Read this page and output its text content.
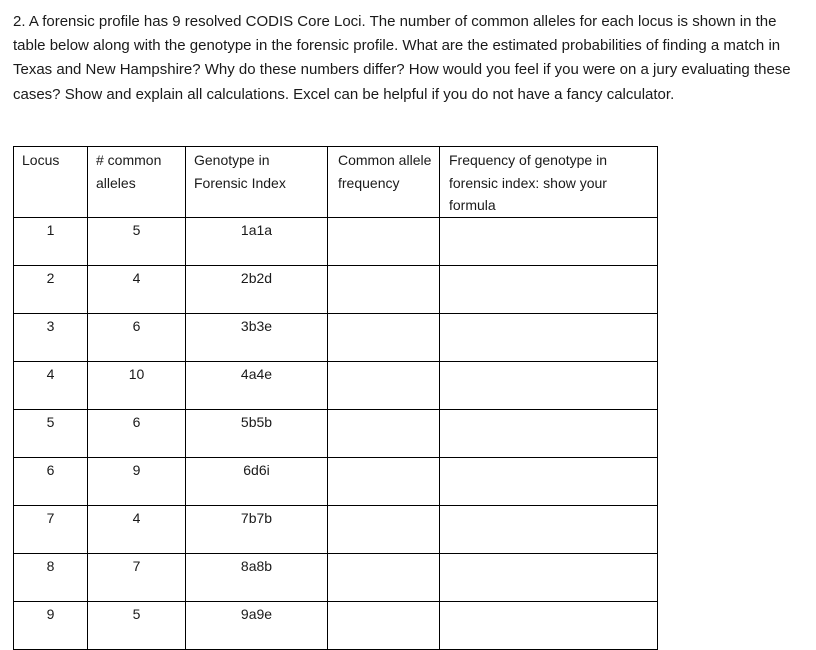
2. A forensic profile has 9 resolved CODIS Core Loci. The number of common alleles for each locus is shown in the table below along with the genotype in the forensic profile. What are the estimated probabilities of finding a match in Texas and New Hampshire? Why do these numbers differ? How would you feel if you were on a jury evaluating these cases? Show and explain all calculations. Excel can be helpful if you do not have a fancy calculator.

Locus	# common alleles	Genotype in Forensic Index	Common allele frequency	Frequency of genotype in forensic index: show your formula
1	5	1a1a		
2	4	2b2d		
3	6	3b3e		
4	10	4a4e		
5	6	5b5b		
6	9	6d6i		
7	4	7b7b		
8	7	8a8b		
9	5	9a9e		
